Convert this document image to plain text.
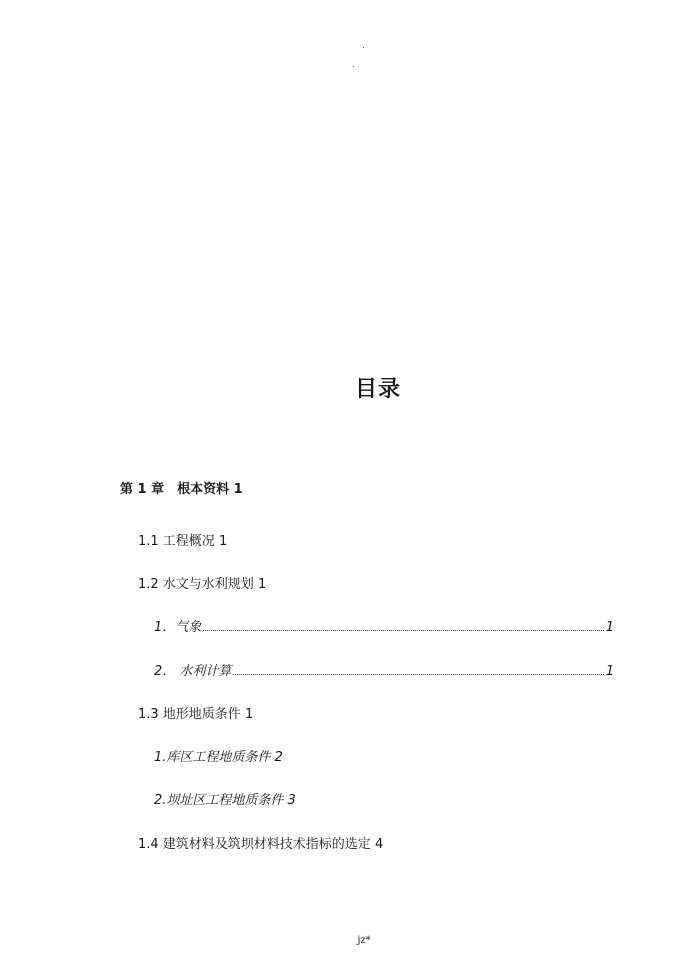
目录
第 1 章　根本资料 1
1.1 工程概况 1
1.2 水文与水利规划 1
1．气象	1
2． 水利计算	1
1.3 地形地质条件 1
1.库区工程地质条件 2
2.坝址区工程地质条件 3
1.4 建筑材料及筑坝材料技术指标的选定 4
jz*
